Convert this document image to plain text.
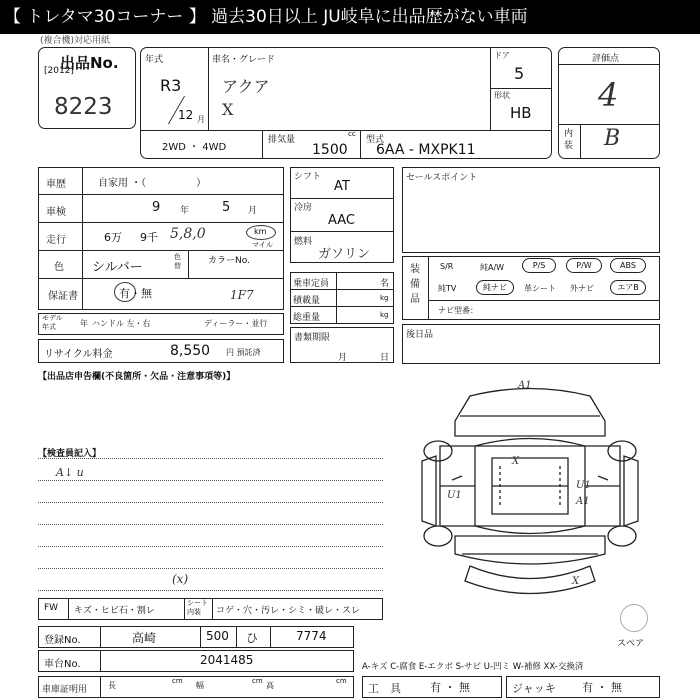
【 トレタマ30コーナー 】 過去30日以上 JU岐阜に出品歴がない車両
(複合機)対応用紙
出品No.
[2012]
8223
年式
R3
12 月
車名・グレード
アクア
X
ドア
5
形状
HB
2WD ・ 4WD
排気量
cc
1500
型式
6AA - MXPK11
評価点
4
内装 B
車歴	自家用 ・（　　　　　）
車検	9 年	5 月
走行	6万 9千 5,8,0	km
マイル
色 シルバー
色替	カラーNo.
保証書	有・無	1F7
モデル年式	年 ハンドル 左・右	ディーラー・並行
リサイクル料金	8,550 円 預託済
シフト
AT
冷房
AAC
燃料
ガソリン
乗車定員	名
積載量	kg
総重量	kg
書類期限
月	日
セールスポイント
装備品
S/R	純A/W	P/S	P/W	ABS
純TV	純ナビ	革シート 外ナビ	エアB
ナビ型番：
後日品
【出品店申告欄(不良箇所・欠品・注意事項等)】
【検査員記入】
A↓ u
(x)
A1
A1
U1
U1
X
X
スペア
FW キズ・ヒビ石・割レ
シート内装	コゲ・穴・汚レ・シミ・破レ・スレ
登録No.	高崎	500 ひ	7774
車台No.	2041485	A-キズ C-腐食 E-エクボ S-サビ U-凹ミ W-補修 XX-交換済
車庫証明用	長	cm 幅	cm 高	cm
工　具	有 ・ 無	ジャッキ 有 ・ 無
